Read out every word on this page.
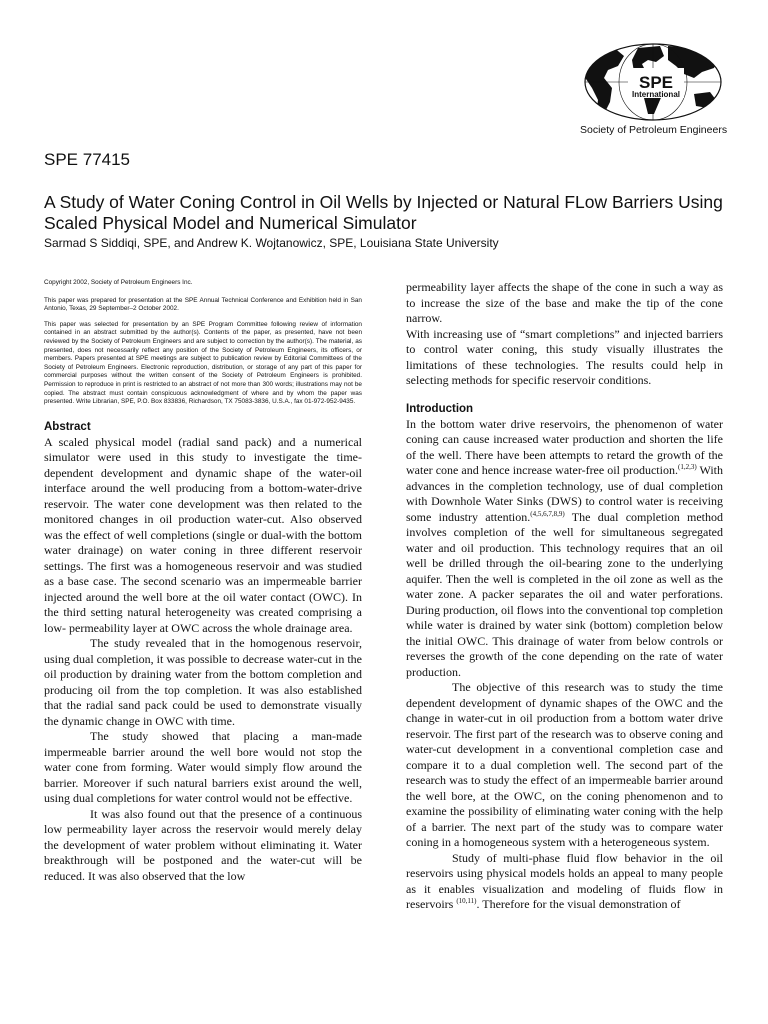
SPE
International
Society of Petroleum Engineers
SPE 77415
A Study of Water Coning Control in Oil Wells by Injected or Natural FLow Barriers Using Scaled Physical Model and Numerical Simulator
Sarmad S Siddiqi, SPE, and Andrew K. Wojtanowicz, SPE, Louisiana State University

Copyright 2002, Society of Petroleum Engineers Inc.

This paper was prepared for presentation at the SPE Annual Technical Conference and Exhibition held in San Antonio, Texas, 29 September–2 October 2002.

This paper was selected for presentation by an SPE Program Committee following review of information contained in an abstract submitted by the author(s). Contents of the paper, as presented, have not been reviewed by the Society of Petroleum Engineers and are subject to correction by the author(s). The material, as presented, does not necessarily reflect any position of the Society of Petroleum Engineers, its officers, or members. Papers presented at SPE meetings are subject to publication review by Editorial Committees of the Society of Petroleum Engineers. Electronic reproduction, distribution, or storage of any part of this paper for commercial purposes without the written consent of the Society of Petroleum Engineers is prohibited. Permission to reproduce in print is restricted to an abstract of not more than 300 words; illustrations may not be copied. The abstract must contain conspicuous acknowledgment of where and by whom the paper was presented. Write Librarian, SPE, P.O. Box 833836, Richardson, TX 75083-3836, U.S.A., fax 01-972-952-9435.

Abstract

A scaled physical model (radial sand pack) and a numerical simulator were used in this study to investigate the time-dependent development and dynamic shape of the water-oil interface around the well producing from a bottom-water-drive reservoir. The water cone development was then related to the monitored changes in oil production water-cut. Also observed was the effect of well completions (single or dual-with the bottom water drainage) on water coning in three different reservoir settings. The first was a homogeneous reservoir and was studied as a base case. The second scenario was an impermeable barrier injected around the well bore at the oil water contact (OWC). In the third setting natural heterogeneity was created comprising a low- permeability layer at OWC across the whole drainage area.

The study revealed that in the homogenous reservoir, using dual completion, it was possible to decrease water-cut in the oil production by draining water from the bottom completion and producing oil from the top completion. It was also established that the radial sand pack could be used to demonstrate visually the dynamic change in OWC with time.

The study showed that placing a man-made impermeable barrier around the well bore would not stop the water cone from forming. Water would simply flow around the barrier. Moreover if such natural barriers exist around the well, using dual completions for water control would not be effective.

It was also found out that the presence of a continuous low permeability layer across the reservoir would merely delay the development of water problem without eliminating it. Water breakthrough will be postponed and the water-cut will be reduced. It was also observed that the low

permeability layer affects the shape of the cone in such a way as to increase the size of the base and make the tip of the cone narrow.

With increasing use of “smart completions” and injected barriers to control water coning, this study visually illustrates the limitations of these technologies. The results could help in selecting methods for specific reservoir conditions.

Introduction

In the bottom water drive reservoirs, the phenomenon of water coning can cause increased water production and shorten the life of the well. There have been attempts to retard the growth of the water cone and hence increase water-free oil production.$^{(1,2,3)}$ With advances in the completion technology, use of dual completion with Downhole Water Sinks (DWS) to control water is receiving some industry attention.$^{(4,5,6,7,8,9)}$ The dual completion method involves completion of the well for simultaneous segregated water and oil production. This technology requires that an oil well be drilled through the oil-bearing zone to the underlying aquifer. Then the well is completed in the oil zone as well as the water zone. A packer separates the oil and water perforations. During production, oil flows into the conventional top completion while water is drained by water sink (bottom) completion below the initial OWC. This drainage of water from below controls or reverses the growth of the cone depending on the rate of water production.

The objective of this research was to study the time dependent development of dynamic shapes of the OWC and the change in water-cut in oil production from a bottom water drive reservoir. The first part of the research was to observe coning and water-cut development in a conventional completion case and compare it to a dual completion well. The second part of the research was to study the effect of an impermeable barrier around the well bore, at the OWC, on the coning phenomenon and to examine the possibility of eliminating water coning with the help of a barrier. The next part of the study was to compare water coning in a homogeneous system with a heterogeneous system.

Study of multi-phase fluid flow behavior in the oil reservoirs using physical models holds an appeal to many people as it enables visualization and modeling of fluids flow in reservoirs $^{(10,11)}$. Therefore for the visual demonstration of
